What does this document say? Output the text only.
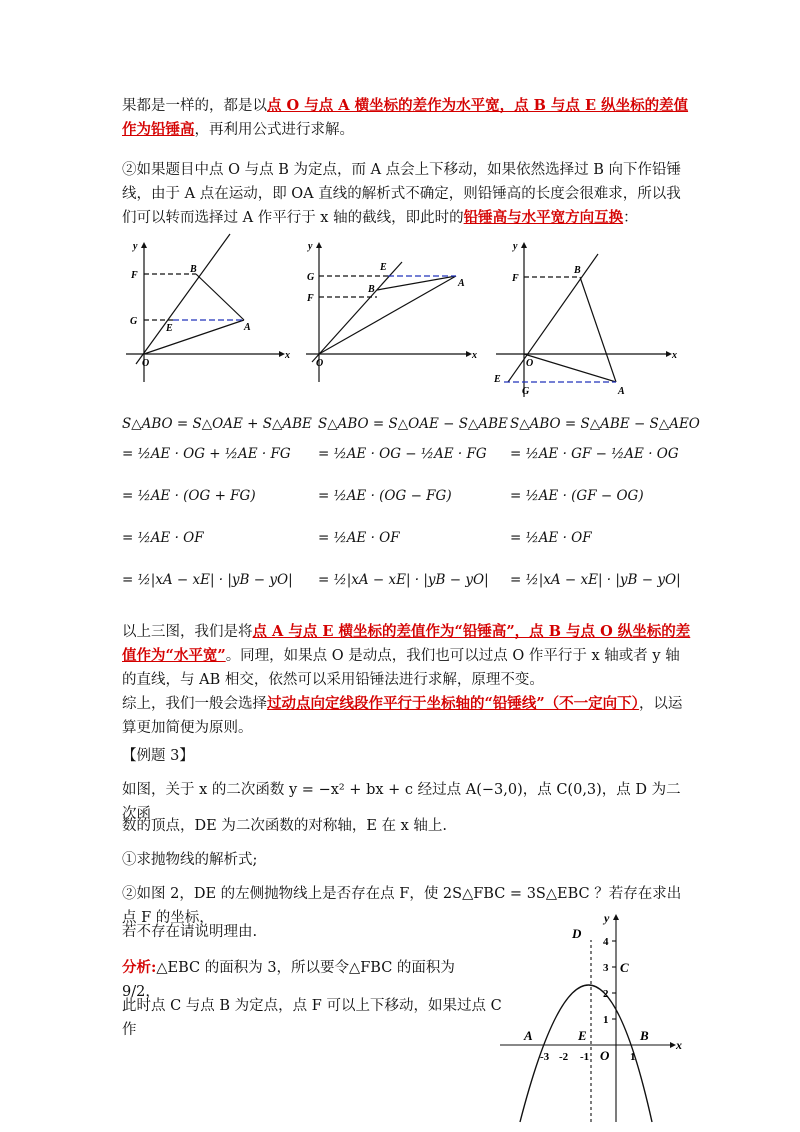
果都是一样的，都是以点 O 与点 A 横坐标的差作为水平宽，点 B 与点 E 纵坐标的差值作为铅锤高，再利用公式进行求解。
②如果题目中点 O 与点 B 为定点，而 A 点会上下移动，如果依然选择过 B 向下作铅锤线，由于 A 点在运动，即 OA 直线的解析式不确定，则铅锤高的长度会很难求，所以我们可以转而选择过 A 作平行于 x 轴的截线，即此时的铅锤高与水平宽方向互换：
y
x
O
B
A
E
F
G
y
x
O
E
B
A
G
F
y
x
O
B
F
A
E
G
S△ABO = S△OAE + S△ABE
= ½AE · OG + ½AE · FG
= ½AE · (OG + FG)
= ½AE · OF
= ½|xA − xE| · |yB − yO|
S△ABO = S△OAE − S△ABE
= ½AE · OG − ½AE · FG
= ½AE · (OG − FG)
= ½AE · OF
= ½|xA − xE| · |yB − yO|
S△ABO = S△ABE − S△AEO
= ½AE · GF − ½AE · OG
= ½AE · (GF − OG)
= ½AE · OF
= ½|xA − xE| · |yB − yO|
以上三图，我们是将点 A 与点 E 横坐标的差值作为“铅锤高”，点 B 与点 O 纵坐标的差值作为“水平宽”。同理，如果点 O 是动点，我们也可以过点 O 作平行于 x 轴或者 y 轴的直线，与 AB 相交，依然可以采用铅锤法进行求解，原理不变。
综上，我们一般会选择过动点向定线段作平行于坐标轴的“铅锤线”（不一定向下），以运算更加简便为原则。
【例题 3】
如图，关于 x 的二次函数 y = −x² + bx + c 经过点 A(−3,0)，点 C(0,3)，点 D 为二次函
数的顶点，DE 为二次函数的对称轴，E 在 x 轴上.
①求抛物线的解析式;
②如图 2，DE 的左侧抛物线上是否存在点 F，使 2S△FBC = 3S△EBC ？若存在求出点 F 的坐标，
若不存在请说明理由.
分析:△EBC 的面积为 3，所以要令△FBC 的面积为 9/2，
此时点 C 与点 B 为定点，点 F 可以上下移动，如果过点 C 作
x
y
D
C
A	B
E
O
4
3
2
1
-3 -2 -1	1
